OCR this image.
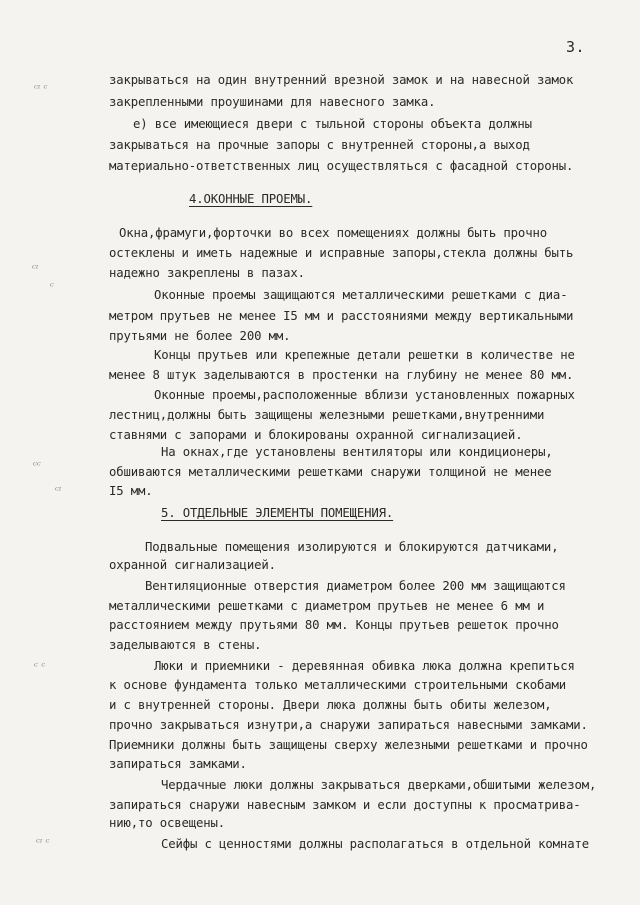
3.
ᶜᶦ ᶜ
ᶜᶦ
ᶜ
ᶜᶜ
ᶜᶦ
ᶜ ᶜ
ᶜᶦ ᶜ
закрываться на один внутренний врезной замок и на навесной замок
закрепленными проушинами для навесного замка.
е) все имеющиеся двери с тыльной стороны объекта должны
закрываться на прочные запоры с внутренней стороны,а выход
материально-ответственных лиц осуществляться с фасадной стороны.
4.ОКОННЫЕ ПРОЕМЫ.
Окна,фрамуги,форточки во всех помещениях должны быть прочно
остеклены и иметь надежные и исправные запоры,стекла должны быть
надежно закреплены в пазах.
Оконные проемы защищаются металлическими решетками с диа-
метром прутьев не менее I5 мм и расстояниями между вертикальными
прутьями не более 200 мм.
Концы прутьев или крепежные детали решетки в количестве не
менее 8 штук заделываются в простенки на глубину не менее 80 мм.
Оконные проемы,расположенные вблизи установленных пожарных
лестниц,должны быть защищены железными решетками,внутренними
ставнями с запорами и блокированы охранной сигнализацией.
На окнах,где установлены вентиляторы или кондиционеры,
обшиваются металлическими решетками снаружи толщиной не менее
I5 мм.
5. ОТДЕЛЬНЫЕ ЭЛЕМЕНТЫ ПОМЕЩЕНИЯ.
Подвальные помещения изолируются и блокируются датчиками,
охранной сигнализацией.
Вентиляционные отверстия диаметром более 200 мм защищаются
металлическими решетками с диаметром прутьев не менее 6 мм и
расстоянием между прутьями 80 мм. Концы прутьев решеток прочно
заделываются в стены.
Люки и приемники - деревянная обивка люка должна крепиться
к основе фундамента только металлическими строительными скобами
и с внутренней стороны. Двери люка должны быть обиты железом,
прочно закрываться изнутри,а снаружи запираться навесными замками.
Приемники должны быть защищены сверху железными решетками и прочно
запираться замками.
Чердачные люки должны закрываться дверками,обшитыми железом,
запираться снаружи навесным замком и если доступны к просматрива-
нию,то освещены.
Сейфы с ценностями должны располагаться в отдельной комнате
